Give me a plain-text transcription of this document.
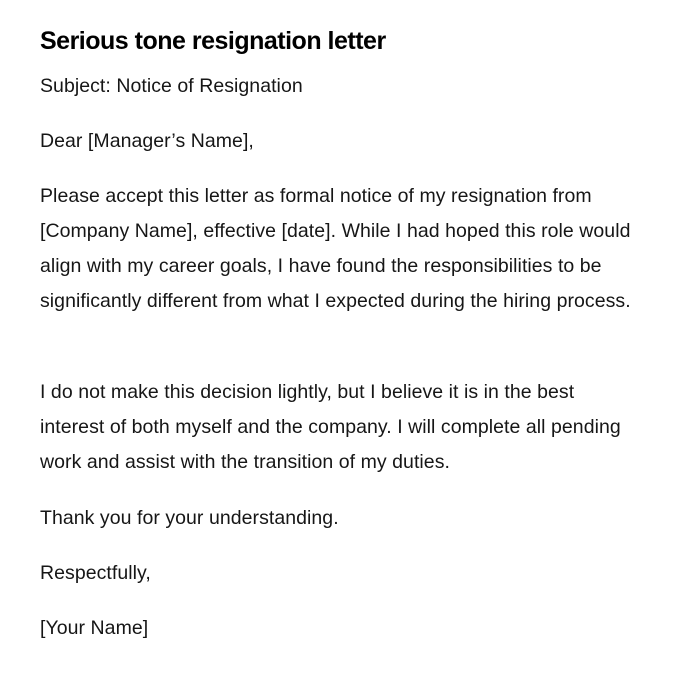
Serious tone resignation letter

Subject: Notice of Resignation

Dear [Manager’s Name],

Please accept this letter as formal notice of my resignation from [Company Name], effective [date]. While I had hoped this role would align with my career goals, I have found the responsibilities to be significantly different from what I expected during the hiring process.

I do not make this decision lightly, but I believe it is in the best interest of both myself and the company. I will complete all pending work and assist with the transition of my duties.

Thank you for your understanding.

Respectfully,

[Your Name]
